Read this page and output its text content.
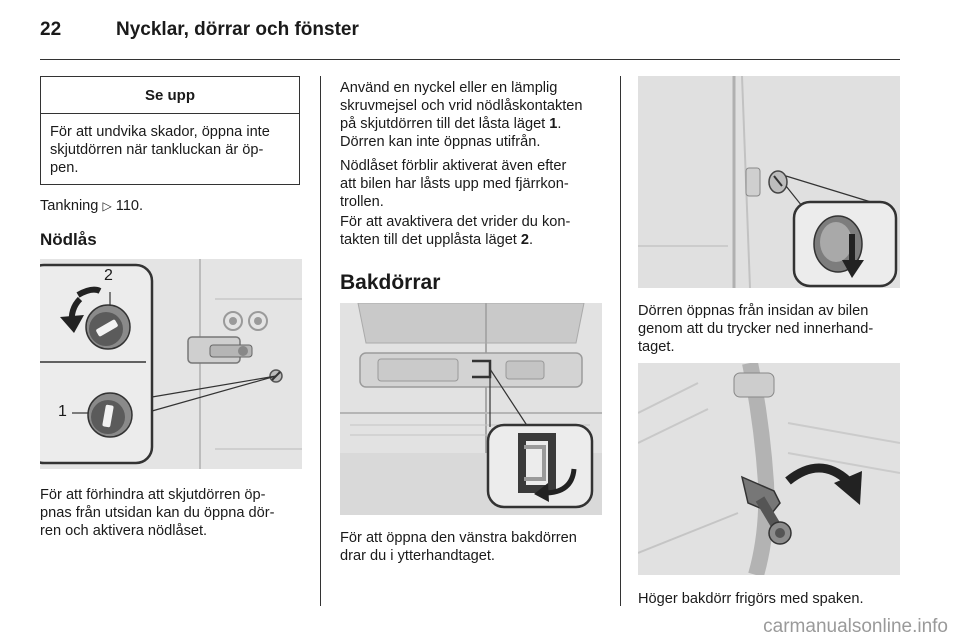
22	Nycklar, dörrar och fönster
Se upp
För att undvika skador, öppna inte
skjutdörren när tankluckan är öp-
pen.
Tankning ▷ 110.
Nödlås
2
1
För att förhindra att skjutdörren öp-
pnas från utsidan kan du öppna dör-
ren och aktivera nödlåset.
Använd en nyckel eller en lämplig
skruvmejsel och vrid nödlåskontakten
på skjutdörren till det låsta läget 1.
Dörren kan inte öppnas utifrån.
Nödlåset förblir aktiverat även efter
att bilen har låsts upp med fjärrkon-
trollen.
För att avaktivera det vrider du kon-
takten till det upplåsta läget 2.
Bakdörrar
För att öppna den vänstra bakdörren
drar du i ytterhandtaget.
Dörren öppnas från insidan av bilen
genom att du trycker ned innerhand-
taget.
Höger bakdörr frigörs med spaken.
carmanualsonline.info
